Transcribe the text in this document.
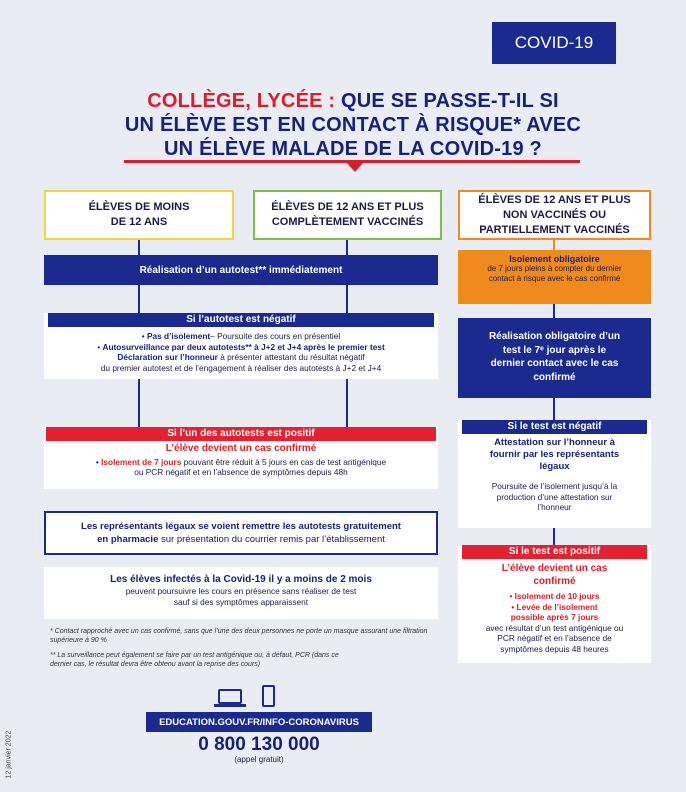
COVID-19
COLLÈGE, LYCÉE : QUE SE PASSE-T-IL SI
UN ÉLÈVE EST EN CONTACT À RISQUE* AVEC
UN ÉLÈVE MALADE DE LA COVID-19 ?
ÉLÈVES DE MOINS DE 12 ANS
ÉLÈVES DE 12 ANS ET PLUS COMPLÈTEMENT VACCINÉS
ÉLÈVES DE 12 ANS ET PLUS NON VACCINÉS OU PARTIELLEMENT VACCINÉS
Réalisation d’un autotest** immédiatement
Si l’autotest est négatif
• Pas d’isolement– Poursuite des cours en présentiel
• Autosurveillance par deux autotests** à J+2 et J+4 après le premier test
Déclaration sur l’honneur à présenter attestant du résultat négatif
du premier autotest et de l’engagement à réaliser des autotests à J+2 et J+4
Si l’un des autotests est positif
L’élève devient un cas confirmé
• Isolement de 7 jours pouvant être réduit à 5 jours en cas de test antigénique
ou PCR négatif et en l’absence de symptômes depuis 48h
Les représentants légaux se voient remettre les autotests gratuitement
en pharmacie sur présentation du courrier remis par l’établissement
Les élèves infectés à la Covid-19 il y a moins de 2 mois
peuvent poursuivre les cours en présence sans réaliser de test
sauf si des symptômes apparaissent
* Contact rapproché avec un cas confirmé, sans que l’une des deux personnes ne porte un masque assurant une filtration supérieure à 90 %
** La surveillance peut également se faire par un test antigénique ou, à défaut, PCR (dans ce dernier cas, le résultat devra être obtenu avant la reprise des cours)
Isolement obligatoire
de 7 jours pleins à compter du dernier contact à risque avec le cas confirmé
Réalisation obligatoire d’un test le 7ᵉ jour après le dernier contact avec le cas confirmé
Si le test est négatif
Attestation sur l’honneur à fournir par les représentants légaux
Poursuite de l’isolement jusqu’à la production d’une attestation sur l’honneur
Si le test est positif
L’élève devient un cas confirmé
• Isolement de 10 jours
• Levée de l’isolement possible après 7 jours
avec résultat d’un test antigénique ou PCR négatif et en l’absence de symptômes depuis 48 heures
EDUCATION.GOUV.FR/INFO-CORONAVIRUS
0 800 130 000
(appel gratuit)
12 janvier 2022
